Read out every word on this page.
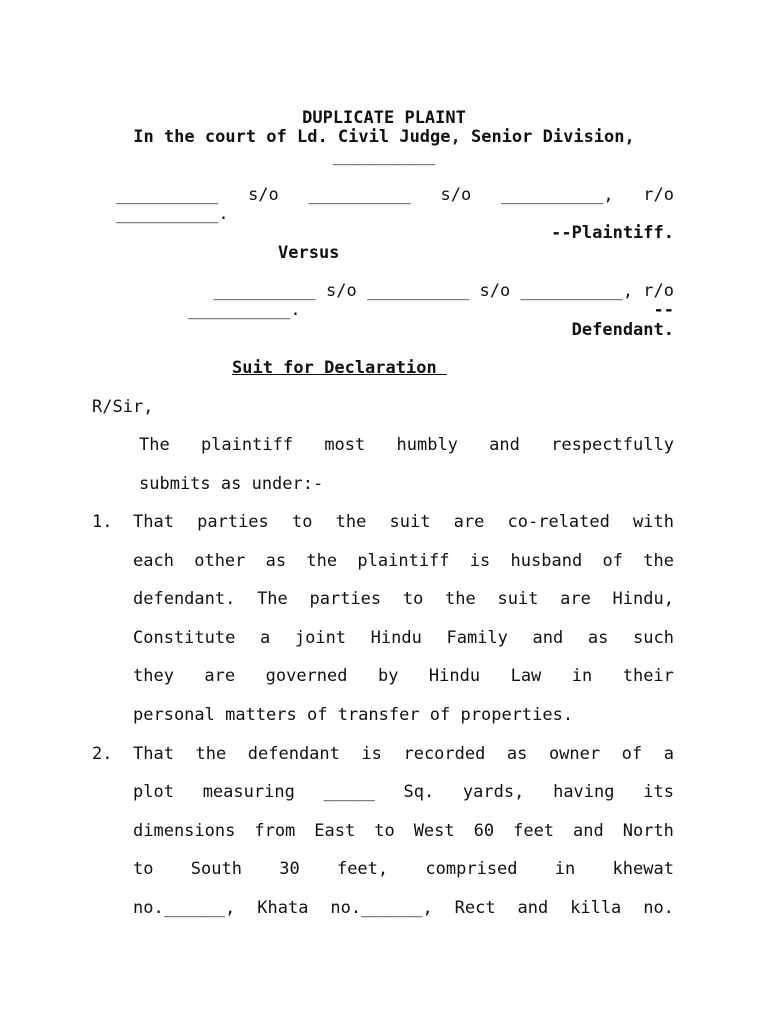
DUPLICATE PLAINT
In the court of Ld. Civil Judge, Senior Division,
__________
__________ s/o __________ s/o __________, r/o
__________.
--Plaintiff.
Versus
__________ s/o __________ s/o __________, r/o
__________.	--
Defendant.
Suit for Declaration
R/Sir,
The plaintiff most humbly and respectfully
submits as under:-
1. That parties to the suit are co-related with
each other as the plaintiff is husband of the
defendant. The parties to the suit are Hindu,
Constitute a joint Hindu Family and as such
they are governed by Hindu Law in their
personal matters of transfer of properties.
2. That the defendant is recorded as owner of a
plot measuring _____ Sq. yards, having its
dimensions from East to West 60 feet and North
to South 30 feet, comprised in khewat
no.______, Khata no.______, Rect and killa no.
